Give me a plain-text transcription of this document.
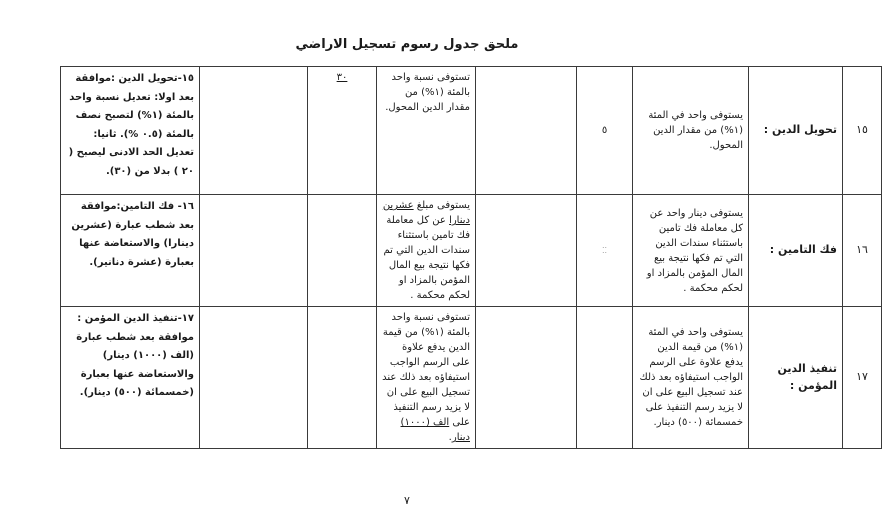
ملحق جدول رسوم تسجيل الاراضي
١٥	تحويل الدين :	يستوفى واحد في المئة (١%) من مقدار الدين المحول.	٥		تستوفى نسبة واحد بالمئة (١%) من مقدار الدين المحول.	٣٠		١٥-تحويل الدين :موافقة بعد اولا: تعديل نسبة واحد بالمئة (١%) لتصبح نصف بالمئة (٠.٥ %). ثانيا: تعديل الحد الادنى ليصبح ( ٢٠ ) بدلا من (٣٠).
١٦	فك التامين :	يستوفى دينار واحد عن كل معاملة فك تامين باستثناء سندات الدين التي تم فكها نتيجة بيع المال المؤمن بالمزاد او لحكم محكمة .	⁚⁚		يستوفى مبلغ عشرين دينارا عن كل معاملة فك تامين باستثناء سندات الدين التي تم فكها نتيجة بيع المال المؤمن بالمزاد او لحكم محكمة .			١٦- فك التامين:موافقة بعد شطب عبارة (عشرين دينارا) والاستعاضة عنها بعبارة (عشرة دنانير).
١٧	تنفيذ الدين المؤمن :	يستوفى واحد في المئة (١%) من قيمة الدين يدفع علاوة على الرسم الواجب استيفاؤه بعد ذلك عند تسجيل البيع على ان لا يزيد رسم التنفيذ على خمسمائة (٥٠٠) دينار.			تستوفى نسبة واحد بالمئة (١%) من قيمة الدين يدفع علاوة على الرسم الواجب استيفاؤه بعد ذلك عند تسجيل البيع على ان لا يزيد رسم التنفيذ على الف (١٠٠٠) دينار.			١٧-تنفيذ الدين المؤمن : موافقة بعد شطب عبارة (الف (١٠٠٠) دينار) والاستعاضة عنها بعبارة (خمسمائة (٥٠٠) دينار).
٧
